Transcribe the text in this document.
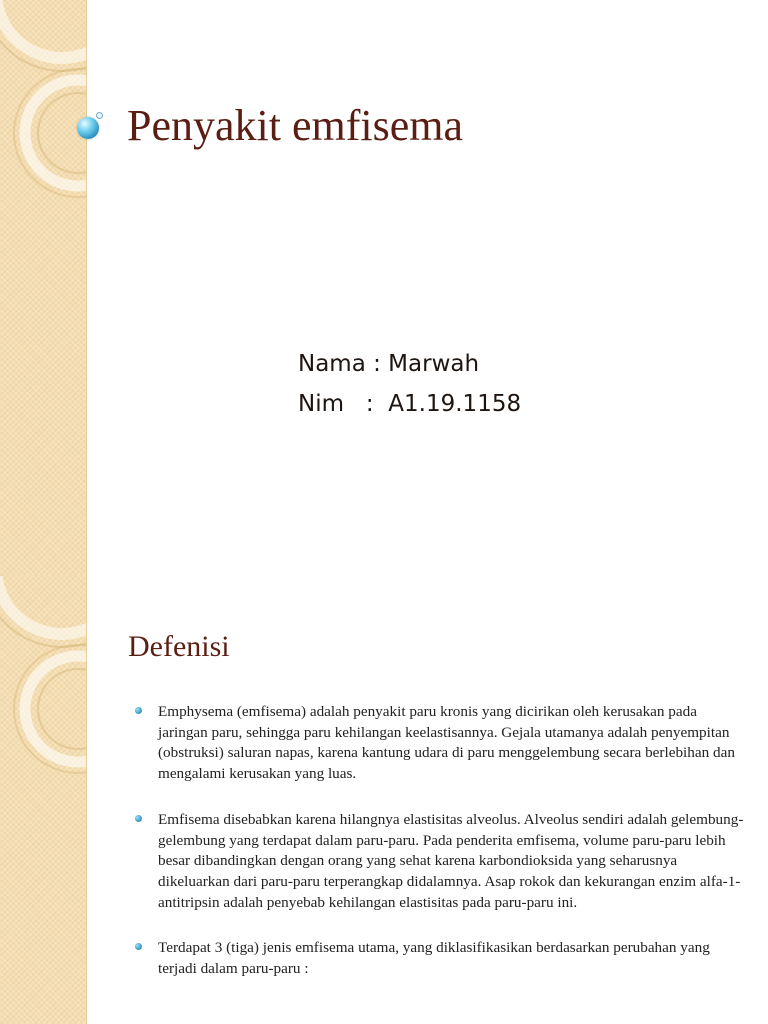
Penyakit emfisema
Nama : Marwah
Nim   :  A1.19.1158
Defenisi
Emphysema (emfisema) adalah penyakit paru kronis yang dicirikan oleh kerusakan pada jaringan paru, sehingga paru kehilangan keelastisannya. Gejala utamanya adalah penyempitan (obstruksi) saluran napas, karena kantung udara di paru menggelembung secara berlebihan dan mengalami kerusakan yang luas.
Emfisema disebabkan karena hilangnya elastisitas alveolus. Alveolus sendiri adalah gelembung-gelembung yang terdapat dalam paru-paru. Pada penderita emfisema, volume paru-paru lebih besar dibandingkan dengan orang yang sehat karena karbondioksida yang seharusnya dikeluarkan dari paru-paru terperangkap didalamnya. Asap rokok dan kekurangan enzim alfa-1-antitripsin adalah penyebab kehilangan elastisitas pada paru-paru ini.
Terdapat 3 (tiga) jenis emfisema utama, yang diklasifikasikan berdasarkan perubahan yang terjadi dalam paru-paru :
